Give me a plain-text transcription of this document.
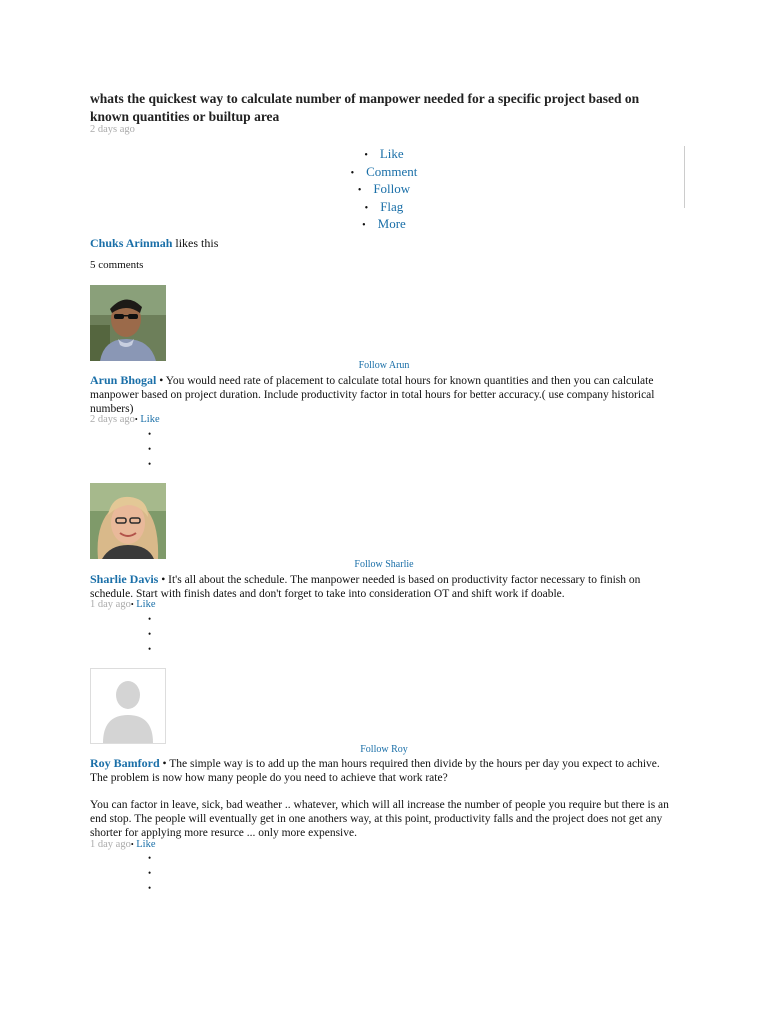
whats the quickest way to calculate number of manpower needed for a specific project based on known quantities or builtup area
2 days ago
• Like
• Comment
• Follow
• Flag
• More
Chuks Arinmah likes this
5 comments
Follow Arun
Arun Bhogal • You would need rate of placement to calculate total hours for known quantities and then you can calculate manpower based on project duration. Include productivity factor in total hours for better accuracy.( use company historical numbers)
2 days ago• Like
•
•
•
Follow Sharlie
Sharlie Davis • It's all about the schedule. The manpower needed is based on productivity factor necessary to finish on schedule. Start with finish dates and don't forget to take into consideration OT and shift work if doable.
1 day ago• Like
•
•
•
Follow Roy
Roy Bamford • The simple way is to add up the man hours required then divide by the hours per day you expect to achive. The problem is now how many people do you need to achieve that work rate?
You can factor in leave, sick, bad weather .. whatever, which will all increase the number of people you require but there is an end stop. The people will eventually get in one anothers way, at this point, productivity falls and the project does not get any shorter for applying more resurce ... only more expensive.
1 day ago• Like
•
•
•
